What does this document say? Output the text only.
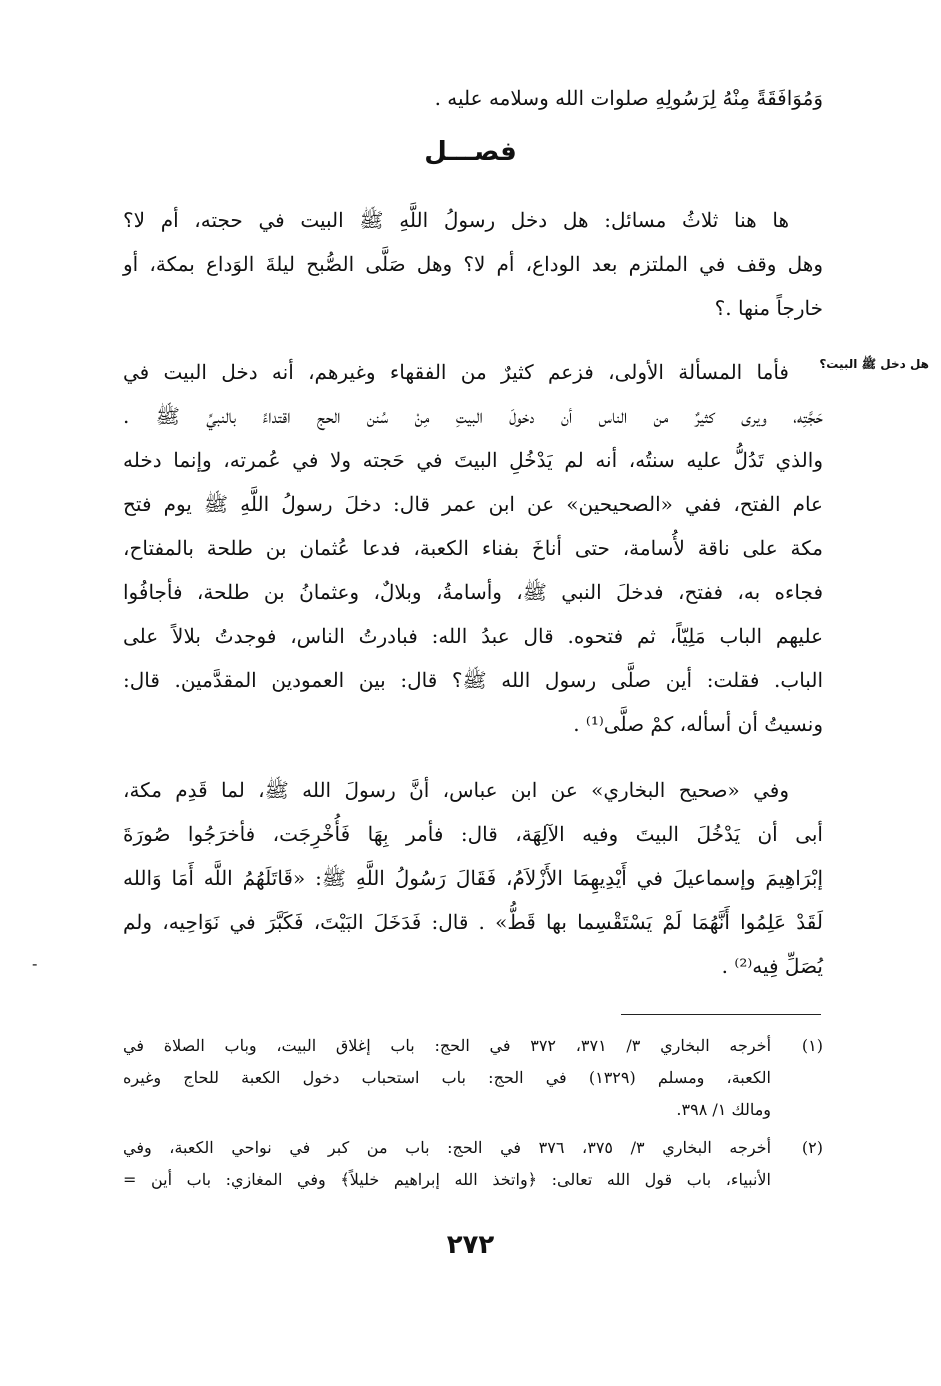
وَمُوَافَقَةً مِنْهُ لِرَسُولِهِ صلوات الله وسلامه عليه .
فصـــل
ها هنا ثلاثُ مسائل: هل دخل رسولُ اللَّهِ ﷺ البيت في حجته، أم لا؟
وهل وقف في الملتزم بعد الوداع، أم لا؟ وهل صَلَّى الصُّبح ليلةَ الوَداع بمكة، أو
خارجاً منها .؟
هل دخل ﷺ البيت؟
فأما المسألة الأولى، فزعم كثيرٌ من الفقهاء وغيرهم، أنه دخل البيت في
حَجَّتِه، ويرى كثيرٌ من الناس أن دخولَ البيتِ مِنْ سُنن الحج اقتداءً بالنبيِّ ﷺ .
والذي تَدُلُّ عليه سنتُه، أنه لم يَدْخُلِ البيتَ في حَجته ولا في عُمرته، وإنما دخله
عام الفتح، ففي «الصحيحين» عن ابن عمر قال: دخلَ رسولُ اللَّهِ ﷺ يوم فتح
مكة على ناقة لأُسامة، حتى أناخَ بفناء الكعبة، فدعا عُثمان بن طلحة بالمفتاح،
فجاءه به، ففتح، فدخلَ النبي ﷺ، وأسامةُ، وبلالٌ، وعثمانُ بن طلحة، فأجافُوا
عليهم الباب مَلِيّاً، ثم فتحوه. قال عبدُ الله: فبادرتُ الناس، فوجدتُ بلالاً على
الباب. فقلت: أين صلَّى رسول الله ﷺ؟ قال: بين العمودين المقدَّمين. قال:
ونسيتُ أن أسأله، كمْ صلَّى⁽¹⁾ .
وفي «صحيح البخاري» عن ابن عباس، أنَّ رسولَ الله ﷺ، لما قَدِم مكة،
أبى أن يَدْخُلَ البيتَ وفيه الآلِهَة، قال: فأمر بِهَا فَأُخْرِجَت، فأخرَجُوا صُورَةَ
إبْرَاهِيمَ وإسماعيلَ في أَيْدِيهِمَا الأَزْلاَمُ، فَقَالَ رَسُولُ اللَّهِ ﷺ: «قَاتَلَهُمُ اللَّه أَمَا وَالله
لَقَدْ عَلِمُوا أَنَّهُمَا لَمْ يَسْتَقْسِما بها قَطُّ» . قال: فَدَخَلَ البَيْتَ، فَكَبَّرَ في نَوَاحِيه، ولم
يُصَلِّ فِيه⁽²⁾ .
(١)
أخرجه البخاري ٣/ ٣٧١، ٣٧٢ في الحج: باب إغلاق البيت، وباب الصلاة في
الكعبة، ومسلم (١٣٢٩) في الحج: باب استحباب دخول الكعبة للحاج وغيره
ومالك ١/ ٣٩٨.
(٢)
أخرجه البخاري ٣/ ٣٧٥، ٣٧٦ في الحج: باب من كبر في نواحي الكعبة، وفي
الأنبياء، باب قول الله تعالى: ﴿واتخذ الله إبراهيم خليلاً﴾ وفي المغازي: باب أين =
٢٧٢
-
